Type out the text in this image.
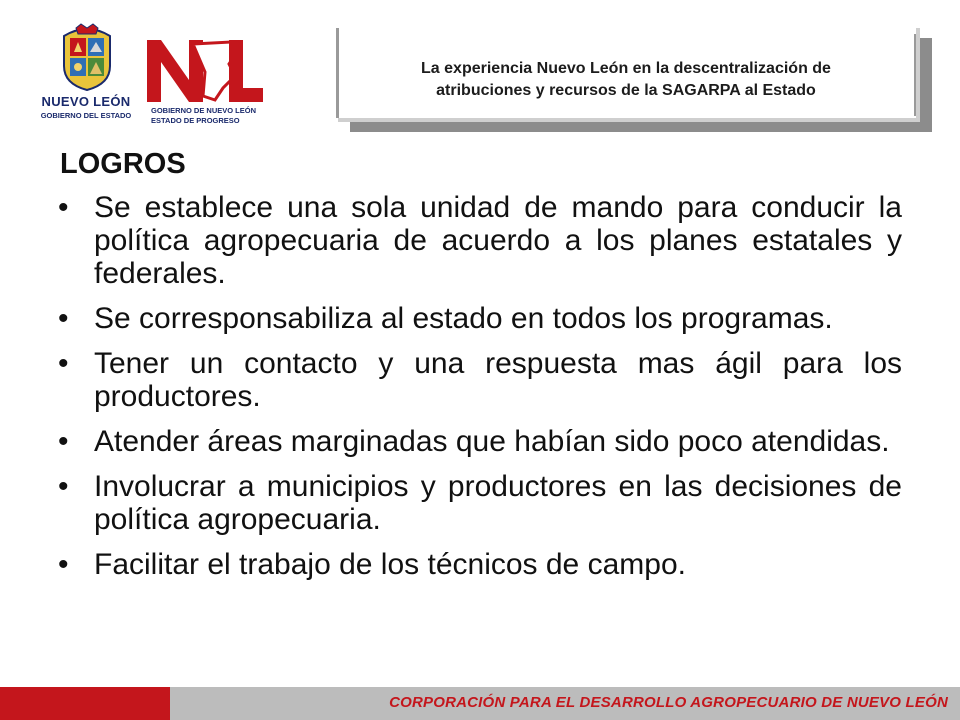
NUEVO LEÓN
GOBIERNO DEL ESTADO
GOBIERNO DE NUEVO LEÓN
ESTADO DE PROGRESO
La experiencia Nuevo León en la descentralización de
atribuciones y recursos de la SAGARPA al Estado
LOGROS
• Se establece una sola unidad de mando para conducir la política agropecuaria de acuerdo a los planes estatales y federales.
• Se corresponsabiliza al estado en todos los programas.
• Tener un contacto y una respuesta mas ágil para los productores.
• Atender áreas marginadas que habían sido poco atendidas.
• Involucrar a municipios y productores en las decisiones de política agropecuaria.
• Facilitar el trabajo de los técnicos de campo.
CORPORACIÓN PARA EL DESARROLLO AGROPECUARIO DE NUEVO LEÓN
